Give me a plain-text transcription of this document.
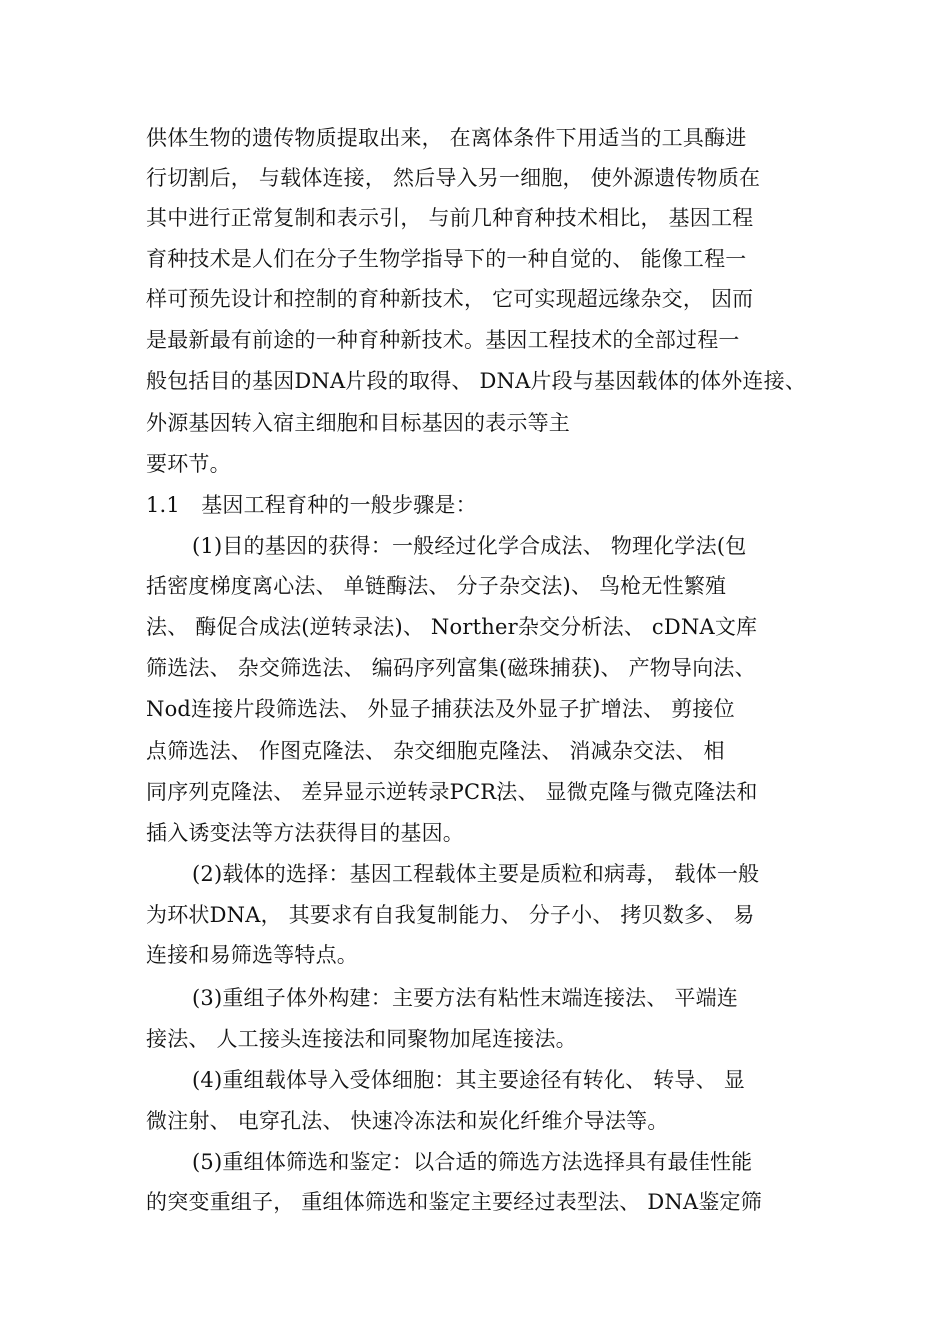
供体生物的遗传物质提取出来， 在离体条件下用适当的工具酶进
行切割后， 与载体连接， 然后导入另一细胞， 使外源遗传物质在
其中进行正常复制和表示引， 与前几种育种技术相比， 基因工程
育种技术是人们在分子生物学指导下的一种自觉的、 能像工程一
样可预先设计和控制的育种新技术， 它可实现超远缘杂交， 因而
是最新最有前途的一种育种新技术。基因工程技术的全部过程一
般包括目的基因DNA片段的取得、 DNA片段与基因载体的体外连接、
外源基因转入宿主细胞和目标基因的表示等主
要环节。
1.1　基因工程育种的一般步骤是：
(1)目的基因的获得：一般经过化学合成法、 物理化学法(包
括密度梯度离心法、 单链酶法、 分子杂交法)、 鸟枪无性繁殖
法、 酶促合成法(逆转录法)、 Norther杂交分析法、 cDNA文库
筛选法、 杂交筛选法、 编码序列富集(磁珠捕获)、 产物导向法、
Nod连接片段筛选法、 外显子捕获法及外显子扩增法、 剪接位
点筛选法、 作图克隆法、 杂交细胞克隆法、 消减杂交法、 相
同序列克隆法、 差异显示逆转录PCR法、 显微克隆与微克隆法和
插入诱变法等方法获得目的基因。
(2)载体的选择：基因工程载体主要是质粒和病毒， 载体一般
为环状DNA， 其要求有自我复制能力、 分子小、 拷贝数多、 易
连接和易筛选等特点。
(3)重组子体外构建：主要方法有粘性末端连接法、 平端连
接法、 人工接头连接法和同聚物加尾连接法。
(4)重组载体导入受体细胞：其主要途径有转化、 转导、 显
微注射、 电穿孔法、 快速冷冻法和炭化纤维介导法等。
(5)重组体筛选和鉴定：以合适的筛选方法选择具有最佳性能
的突变重组子， 重组体筛选和鉴定主要经过表型法、 DNA鉴定筛
